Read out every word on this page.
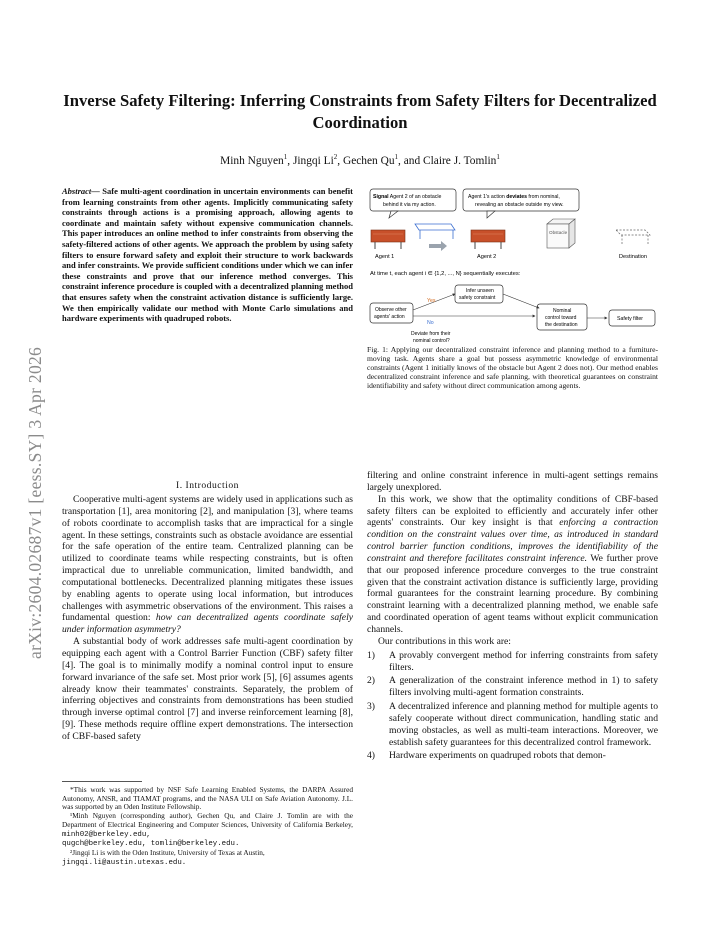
Inverse Safety Filtering: Inferring Constraints from Safety Filters for Decentralized Coordination
Minh Nguyen$^1$, Jingqi Li$^2$, Gechen Qu$^1$, and Claire J. Tomlin$^1$
arXiv:2604.02687v1 [eess.SY] 3 Apr 2026
Abstract— Safe multi-agent coordination in uncertain environments can benefit from learning constraints from other agents. Implicitly communicating safety constraints through actions is a promising approach, allowing agents to coordinate and maintain safety without expensive communication channels. This paper introduces an online method to infer constraints from observing the safety-filtered actions of other agents. We approach the problem by using safety filters to ensure forward safety and exploit their structure to work backwards and infer constraints. We provide sufficient conditions under which we can infer these constraints and prove that our inference method converges. This constraint inference procedure is coupled with a decentralized planning method that ensures safety when the constraint activation distance is sufficiently large. We then empirically validate our method with Monte Carlo simulations and hardware experiments with quadruped robots.
I. Introduction

Cooperative multi-agent systems are widely used in applications such as transportation [1], area monitoring [2], and manipulation [3], where teams of robots coordinate to accomplish tasks that are impractical for a single agent. In these settings, constraints such as obstacle avoidance are essential for the safe operation of the entire team. Centralized planning can be utilized to coordinate teams while respecting constraints, but is often impractical due to unreliable communication, limited bandwidth, and computational bottlenecks. Decentralized planning mitigates these issues by enabling agents to operate using local information, but introduces challenges with asymmetric observations of the environment. This raises a fundamental question: how can decentralized agents coordinate safely under information asymmetry?

A substantial body of work addresses safe multi-agent coordination by equipping each agent with a Control Barrier Function (CBF) safety filter [4]. The goal is to minimally modify a nominal control input to ensure forward invariance of the safe set. Most prior work [5], [6] assumes agents already know their teammates' constraints. Separately, the problem of inferring objectives and constraints from demonstrations has been studied through inverse optimal control [7] and inverse reinforcement learning [8], [9]. These methods require offline expert demonstrations. The intersection of CBF-based safety

*This work was supported by NSF Safe Learning Enabled Systems, the DARPA Assured Autonomy, ANSR, and TIAMAT programs, and the NASA ULI on Safe Aviation Autonomy. J.L. was supported by an Oden Institute Fellowship.

¹Minh Nguyen (corresponding author), Gechen Qu, and Claire J. Tomlin are with the Department of Electrical Engineering and Computer Sciences, University of California Berkeley, minh02@berkeley.edu,
qugch@berkeley.edu, tomlin@berkeley.edu.

²Jingqi Li is with the Oden Institute, University of Texas at Austin,
jingqi.li@austin.utexas.edu.

Signal Agent 2 of an obstacle
behind it via my action.
Agent 1's action deviates from nominal,
revealing an obstacle outside my view.
Agent 1	Agent 2
Obstacle
Destination
At time t, each agent i ∈ {1,2, ..., N} sequentially executes:
Observe other
agents' action
Infer unseen
safety constraint
Nominal
control toward
the destination
Safety filter
Yes
No
Deviate from their
nominal control?
Fig. 1: Applying our decentralized constraint inference and planning method to a furniture-moving task. Agents share a goal but possess asymmetric knowledge of environmental constraints (Agent 1 initially knows of the obstacle but Agent 2 does not). Our method enables decentralized constraint inference and safe planning, with theoretical guarantees on constraint identifiability and safety without direct communication among agents.

filtering and online constraint inference in multi-agent settings remains largely unexplored.

In this work, we show that the optimality conditions of CBF-based safety filters can be exploited to efficiently and accurately infer other agents' constraints. Our key insight is that enforcing a contraction condition on the constraint values over time, as introduced in standard control barrier function conditions, improves the identifiability of the constraint and therefore facilitates constraint inference. We further prove that our proposed inference procedure converges to the true constraint given that the constraint activation distance is sufficiently large, providing formal guarantees for the constraint learning procedure. By combining constraint learning with a decentralized planning method, we enable safe and coordinated operation of agent teams without explicit communication channels.

Our contributions in this work are:

1) A provably convergent method for inferring constraints from safety filters.
2) A generalization of the constraint inference method in 1) to safety filters involving multi-agent formation constraints.
3) A decentralized inference and planning method for multiple agents to safely cooperate without direct communication, handling static and moving obstacles, as well as multi-team interactions. Moreover, we establish safety guarantees for this decentralized control framework.
4) Hardware experiments on quadruped robots that demon-
